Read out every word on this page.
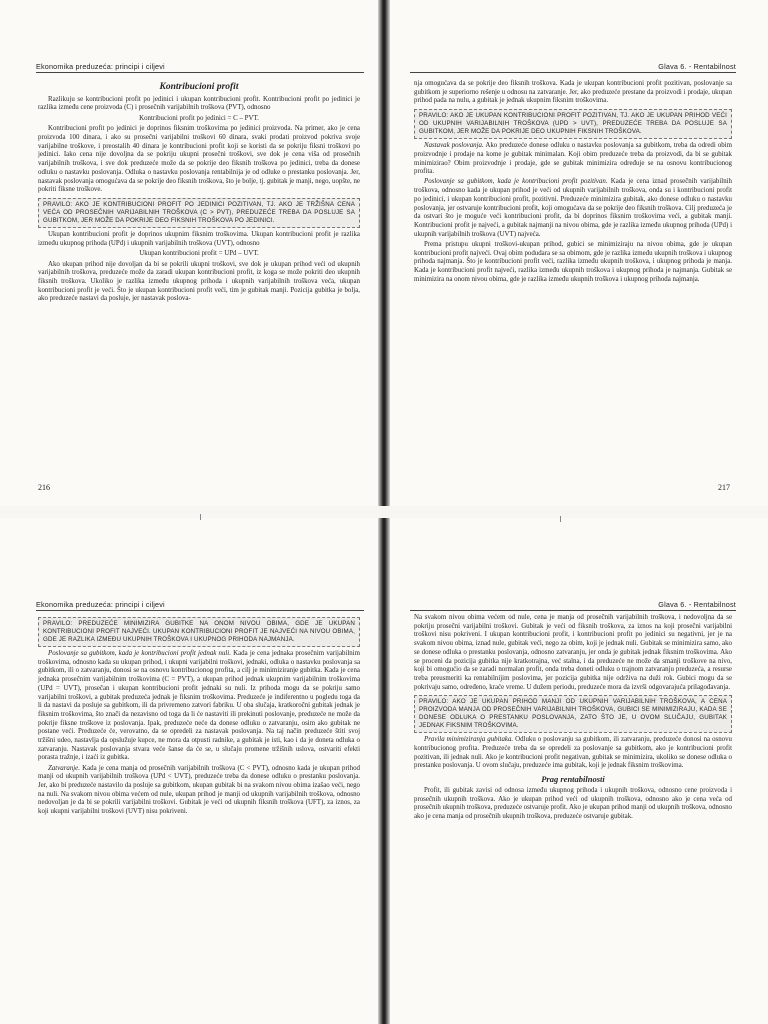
Ekonomika preduzeća: principi i ciljevi
Kontribucioni profit

Razlikuju se kontribucioni profit po jedinici i ukupan kontribucioni profit. Kontribucioni profit po jedinici je razlika između cene proizvoda (C) i prosečnih varijabilnih troškova (PVT), odnosno

Kontribucioni profit po jedinici = C – PVT.

Kontribucioni profit po jedinici je doprinos fiksnim troškovima po jedinici proizvoda. Na primer, ako je cena proizvoda 100 dinara, i ako su prosečni varijabilni troškovi 60 dinara, svaki prodati proizvod pokriva svoje varijabilne troškove, i preostalih 40 dinara je kontribucioni profit koji se koristi da se pokriju fiksni troškovi po jedinici. Iako cena nije dovoljna da se pokriju ukupni prosečni troškovi, sve dok je cena viša od prosečnih varijabilnih troškova, i sve dok preduzeće može da se pokrije deo fiksnih troškova po jedinici, treba da donese odluku o nastavku poslovanja. Odluka o nastavku poslovanja rentabilnija je od odluke o prestanku poslovanja. Jer, nastavak poslovanja omogućava da se pokrije deo fiksnih troškova, što je bolje, tj. gubitak je manji, nego, uopšte, ne pokriti fiksne troškove.

PRAVILO: AKO JE KONTRIBUCIONI PROFIT PO JEDINICI POZITIVAN, TJ. AKO JE TRŽIŠNA CENA VEĆA OD PROSEČNIH VARIJABILNIH TROŠKOVA (C > PVT), PREDUZEĆE TREBA DA POSLUJE SA GUBITKOM, JER MOŽE DA POKRIJE DEO FIKSNIH TROŠKOVA PO JEDINICI.

Ukupan kontribucioni profit je doprinos ukupnim fiksnim troškovima. Ukupan kontribucioni profit je razlika između ukupnog prihoda (UPd) i ukupnih varijabilnih troškova (UVT), odnosno

Ukupan kontribucioni profit = UPd – UVT.

Ako ukupan prihod nije dovoljan da bi se pokrili ukupni troškovi, sve dok je ukupan prihod veći od ukupnih varijabilnih troškova, preduzeće može da zaradi ukupan kontribucioni profit, iz koga se može pokriti deo ukupnih fiksnih troškova. Ukoliko je razlika između ukupnog prihoda i ukupnih varijabilnih troškova veća, ukupan kontribucioni profit je veći. Što je ukupan kontribucioni profit veći, tim je gubitak manji. Pozicija gubitka je bolja, ako preduzeće nastavi da posluje, jer nastavak poslova-

216
Glava 6. - Rentabilnost

nja omogućava da se pokrije deo fiksnih troškova. Kada je ukupan kontribucioni profit pozitivan, poslovanje sa gubitkom je superiorno rešenje u odnosu na zatvaranje. Jer, ako preduzeće prestane da proizvodi i prodaje, ukupan prihod pada na nulu, a gubitak je jednak ukupnim fiksnim troškovima.

PRAVILO: AKO JE UKUPAN KONTRIBUCIONI PROFIT POZITIVAN, TJ. AKO JE UKUPAN PRIHOD VEĆI OD UKUPNIH VARIJABILNIH TROŠKOVA (UPD > UVT), PREDUZEĆE TREBA DA POSLUJE SA GUBITKOM, JER MOŽE DA POKRIJE DEO UKUPNIH FIKSNIH TROŠKOVA.

Nastavak poslovanja. Ako preduzeće donese odluku o nastavku poslovanja sa gubitkom, treba da odredi obim proizvodnje i prodaje na kome je gubitak minimalan. Koji obim preduzeće treba da proizvodi, da bi se gubitak minimizirao? Obim proizvodnje i prodaje, gde se gubitak minimizira određuje se na osnovu kontribucionog profita.

Poslovanje sa gubitkom, kada je kontribucioni profit pozitivan. Kada je cena iznad prosečnih varijabilnih troškova, odnosno kada je ukupan prihod je veći od ukupnih varijabilnih troškova, onda su i kontribucioni profit po jedinici, i ukupan kontribucioni profit, pozitivni. Preduzeće minimizira gubitak, ako donese odluku o nastavku poslovanja, jer ostvaruje kontribucioni profit, koji omogućava da se pokrije deo fiksnih troškova. Cilj preduzeća je da ostvari što je moguće veći kontribucioni profit, da bi doprinos fiksnim troškovima veći, a gubitak manji. Kontribucioni profit je najveći, a gubitak najmanji na nivou obima, gde je razlika između ukupnog prihoda (UPd) i ukupnih varijabilnih troškova (UVT) najveća.

Prema pristupu ukupni troškovi-ukupan prihod, gubici se minimiziraju na nivou obima, gde je ukupan kontribucioni profit najveći. Ovaj obim podudara se sa obimom, gde je razlika između ukupnih troškova i ukupnog prihoda najmanja. Što je kontribucioni profit veći, razlika između ukupnih troškova, i ukupnog prihoda je manja. Kada je kontribucioni profit najveći, razlika između ukupnih troškova i ukupnog prihoda je najmanja. Gubitak se minimizira na onom nivou obima, gde je razlika između ukupnih troškova i ukupnog prihoda najmanja.

217
Ekonomika preduzeća: principi i ciljevi
PRAVILO: PREDUZEĆE MINIMIZIRA GUBITKE NA ONOM NIVOU OBIMA, GDE JE UKUPAN KONTRIBUCIONI PROFIT NAJVEĆI. UKUPAN KONTRIBUCIONI PROFIT JE NAJVEĆI NA NIVOU OBIMA, GDE JE RAZLIKA IZMEĐU UKUPNIH TROŠKOVA I UKUPNOG PRIHODA NAJMANJA.

Poslovanje sa gubitkom, kada je kontribucioni profit jednak nuli. Kada je cena jednaka prosečnim varijabilnim troškovima, odnosno kada su ukupan prihod, i ukupni varijabilni troškovi, jednaki, odluka o nastavku poslovanja sa gubitkom, ili o zatvaranju, donosi se na osnovu kontribucionog profita, a cilj je minimiziranje gubitka. Kada je cena jednaka prosečnim varijabilnim troškovima (C = PVT), a ukupan prihod jednak ukupnim varijabilnim troškovima (UPd = UVT), prosečan i ukupan kontribucioni profit jednaki su nuli. Iz prihoda mogu da se pokriju samo varijabilni troškovi, a gubitak preduzeća jednak je fiksnim troškovima. Preduzeće je indiferentno u pogledu toga da li da nastavi da posluje sa gubitkom, ili da privremeno zatvori fabriku. U oba slučaja, kratkoročni gubitak jednak je fiksnim troškovima, što znači da nezavisno od toga da li će nastaviti ili prekinuti poslovanje, preduzeće ne može da pokrije fiksne troškove iz poslovanja. Ipak, preduzeće neće da donese odluku o zatvaranju, osim ako gubitak ne postane veći. Preduzeće će, verovatno, da se opredeli za nastavak poslovanja. Na taj način preduzeće štiti svoj tržišni udeo, nastavlja da opslužuje kupce, ne mora da otpusti radnike, a gubitak je isti, kao i da je doneta odluka o zatvaranju. Nastavak poslovanja stvara veće šanse da će se, u slučaju promene tržišnih uslova, ostvariti efekti porasta tražnje, i izaći iz gubitka.

Zatvaranje. Kada je cena manja od prosečnih varijabilnih troškova (C < PVT), odnosno kada je ukupan prihod manji od ukupnih varijabilnih troškova (UPd < UVT), preduzeće treba da donese odluku o prestanku poslovanja. Jer, ako bi preduzeće nastavilo da posluje sa gubitkom, ukupan gubitak bi na svakom nivou obima izašao veći, nego na nuli. Na svakom nivou obima većem od nule, ukupan prihod je manji od ukupnih varijabilnih troškova, odnosno nedovoljan je da bi se pokrili varijabilni troškovi. Gubitak je veći od ukupnih fiksnih troškova (UFT), za iznos, za koji ukupni varijabilni troškovi (UVT) nisu pokriveni.

Glava 6. - Rentabilnost

Na svakom nivou obima većem od nule, cena je manja od prosečnih varijabilnih troškova, i nedovoljna da se pokriju prosečni varijabilni troškovi. Gubitak je veći od fiksnih troškova, za iznos na koji prosečni varijabilni troškovi nisu pokriveni. I ukupan kontribucioni profit, i kontribucioni profit po jedinici su negativni, jer je na svakom nivou obima, iznad nule, gubitak veći, nego za obim, koji je jednak nuli. Gubitak se minimizira samo, ako se donese odluka o prestanku poslovanja, odnosno zatvaranju, jer onda je gubitak jednak fiksnim troškovima. Ako se proceni da pozicija gubitka nije kratkotrajna, već stalna, i da preduzeće ne može da smanji troškove na nivo, koji bi omogućio da se zaradi normalan profit, onda treba doneti odluku o trajnom zatvaranju preduzeća, a resurse treba preusmeriti ka rentabilnijim poslovima, jer pozicija gubitka nije održiva na duži rok. Gubici mogu da se pokrivaju samo, određeno, kraće vreme. U dužem periodu, preduzeće mora da izvrši odgovarajuća prilagođavanja.

PRAVILO: AKO JE UKUPAN PRIHOD MANJI OD UKUPNIH VARIJABILNIH TROŠKOVA, A CENA PROIZVODA MANJA OD PROSEČNIH VARIJABILNIH TROŠKOVA, GUBICI SE MINIMIZIRAJU, KADA SE DONESE ODLUKA O PRESTANKU POSLOVANJA, ZATO ŠTO JE, U OVOM SLUČAJU, GUBITAK JEDNAK FIKSNIM TROŠKOVIMA.

Pravila minimiziranja gubitaka. Odluku o poslovanju sa gubitkom, ili zatvaranju, preduzeće donosi na osnovu kontribucionog profita. Preduzeće treba da se opredeli za poslovanje sa gubitkom, ako je kontribucioni profit pozitivan, ili jednak nuli. Ako je kontribucioni profit negativan, gubitak se minimizira, ukoliko se donese odluka o prestanku poslovanja. U ovom slučaju, preduzeće ima gubitak, koji je jednak fiksnim troškovima.

Prag rentabilnosti

Profit, ili gubitak zavisi od odnosa između ukupnog prihoda i ukupnih troškova, odnosno cene proizvoda i prosečnih ukupnih troškova. Ako je ukupan prihod veći od ukupnih troškova, odnosno ako je cena veća od prosečnih ukupnih troškova, preduzeće ostvaruje profit. Ako je ukupan prihod manji od ukupnih troškova, odnosno ako je cena manja od prosečnih ukupnih troškova, preduzeće ostvaruje gubitak.
